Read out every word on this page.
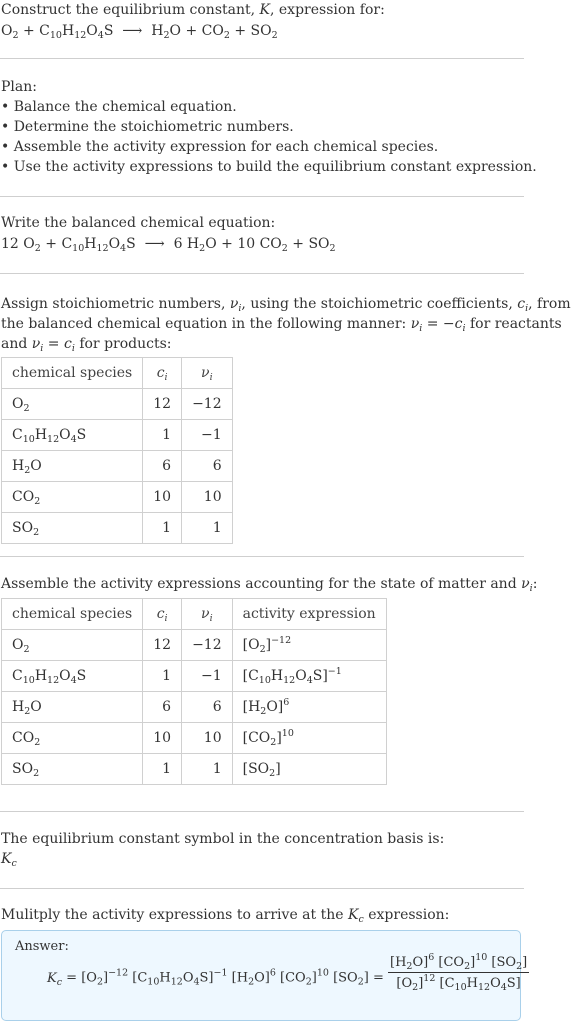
Construct the equilibrium constant, K, expression for:
$O_2 + C_{10}H_{12}O_4S$  ⟶  $H_2O + CO_2 + SO_2$
Plan:
• Balance the chemical equation.
• Determine the stoichiometric numbers.
• Assemble the activity expression for each chemical species.
• Use the activity expressions to build the equilibrium constant expression.
Write the balanced chemical equation:
12 $O_2 + C_{10}H_{12}O_4S$  ⟶  6 $H_2O + 10$ $CO_2 + SO_2$
Assign stoichiometric numbers, $\nu_i$, using the stoichiometric coefficients, $c_i$, from
the balanced chemical equation in the following manner: $\nu_i = -c_i$ for reactants
and $\nu_i = c_i$ for products:
chemical species	$c_i$	$\nu_i$
$O_2$	12	−12
$C_{10}H_{12}O_4S$	1	−1
$H_2O$	6	6
$CO_2$	10	10
$SO_2$	1	1
Assemble the activity expressions accounting for the state of matter and $\nu_i$:
chemical species	$c_i$	$\nu_i$	activity expression
$O_2$	12	−12	$[O_2]^{-12}$
$C_{10}H_{12}O_4S$	1	−1	$[C_{10}H_{12}O_4S]^{-1}$
$H_2O$	6	6	$[H_2O]^6$
$CO_2$	10	10	$[CO_2]^{10}$
$SO_2$	1	1	$[SO_2]$
The equilibrium constant symbol in the concentration basis is:
$K_c$
Mulitply the activity expressions to arrive at the $K_c$ expression:
Answer:
$K_c = [O_2]^{-12}$ $[C_{10}H_{12}O_4S]^{-1}$ $[H_2O]^6$ $[CO_2]^{10}$ $[SO_2] = \frac{[H_2O]^6 [CO_2]^{10} [SO_2]}{[O_2]^{12} [C_{10}H_{12}O_4S]}$
